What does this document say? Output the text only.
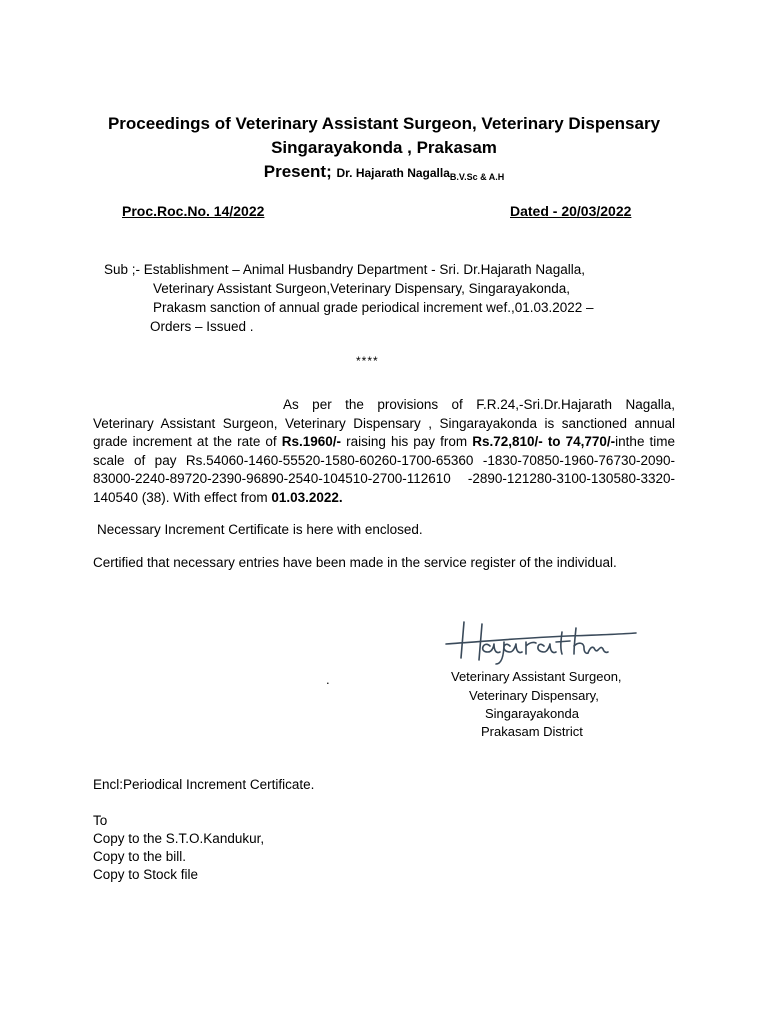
Proceedings of Veterinary Assistant Surgeon, Veterinary Dispensary
Singarayakonda , Prakasam
Present; Dr. Hajarath Nagalla$_{B.V.Sc \& A.H}$
Proc.Roc.No. 14/2022	Dated - 20/03/2022
Sub ;- Establishment – Animal Husbandry Department - Sri. Dr.Hajarath Nagalla,
Veterinary Assistant Surgeon,Veterinary Dispensary, Singarayakonda,
Prakasm sanction of annual grade periodical increment wef.,01.03.2022 –
Orders – Issued .
****
As per the provisions of F.R.24,-Sri.Dr.Hajarath Nagalla, Veterinary Assistant Surgeon, Veterinary Dispensary , Singarayakonda is sanctioned annual grade increment at the rate of Rs.1960/- raising his pay from Rs.72,810/- to 74,770/-inthe time scale of pay Rs.54060-1460-55520-1580-60260-1700-65360 -1830-70850-1960-76730-2090-83000-2240-89720-2390-96890-2540-104510-2700-112610 -2890-121280-3100-130580-3320-140540 (38). With effect from 01.03.2022.
Necessary Increment Certificate is here with enclosed.
Certified that necessary entries have been made in the service register of the individual.
.	Veterinary Assistant Surgeon,
Veterinary Dispensary,
Singarayakonda
Prakasam District
Encl:Periodical Increment Certificate.
To
Copy to the S.T.O.Kandukur,
Copy to the bill.
Copy to Stock file
